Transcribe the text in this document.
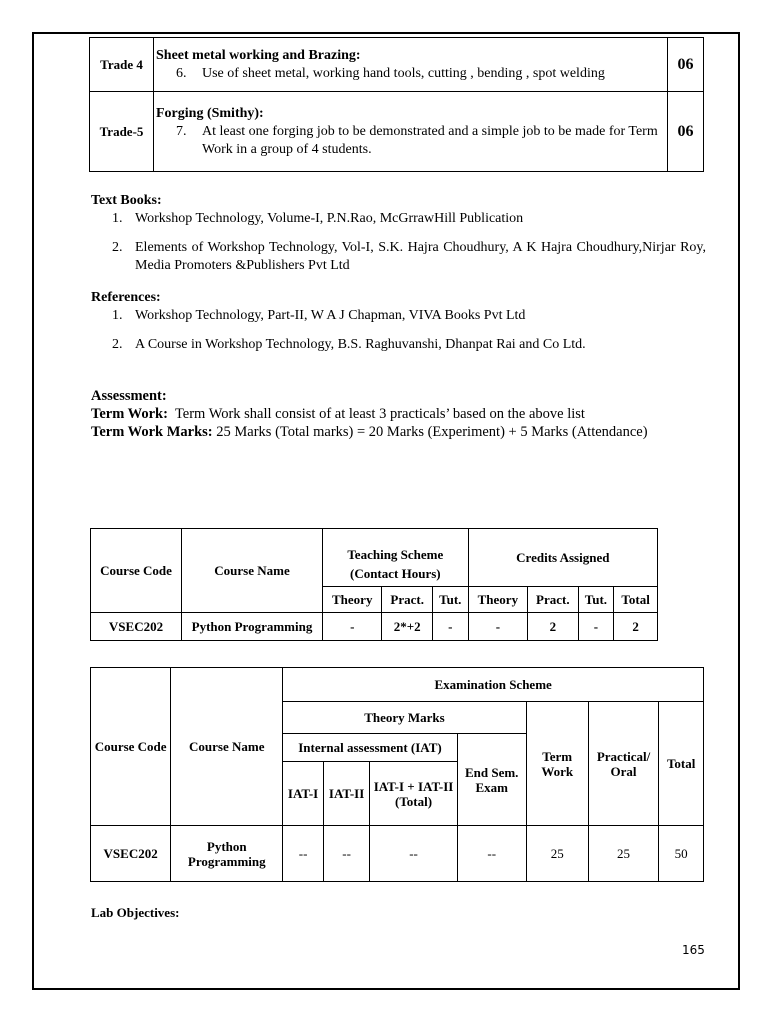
Trade 4	Sheet metal working and Brazing:
6. Use of sheet metal, working hand tools, cutting , bending , spot welding	06
Trade-5	Forging (Smithy):
7. At least one forging job to be demonstrated and a simple job to be made for Term Work in a group of 4 students.	06
Text Books:
1. Workshop Technology, Volume-I, P.N.Rao, McGrrawHill Publication
2. Elements of Workshop Technology, Vol-I, S.K. Hajra Choudhury, A K Hajra Choudhury,Nirjar Roy, Media Promoters &Publishers Pvt Ltd
References:
1. Workshop Technology, Part-II, W A J Chapman, VIVA Books Pvt Ltd
2. A Course in Workshop Technology, B.S. Raghuvanshi, Dhanpat Rai and Co Ltd.
Assessment:
Term Work: Term Work shall consist of at least 3 practicals’ based on the above list
Term Work Marks: 25 Marks (Total marks) = 20 Marks (Experiment) + 5 Marks (Attendance)
Course Code	Course Name	Teaching Scheme			Credits Assigned			
		(Contact Hours)						
		Theory	Pract.	Tut.	Theory	Pract.	Tut.	Total
VSEC202	Python Programming	-	2*+2	-	-	2	-	2
Course Code	Course Name	Examination Scheme						
		Theory Marks				Term Work	Practical/ Oral	Total
		Internal assessment (IAT)			End Sem. Exam			
		IAT-I	IAT-II	IAT-I + IAT-II (Total)				
VSEC202	Python Programming	--	--	--	--	25	25	50
Lab Objectives:
165
